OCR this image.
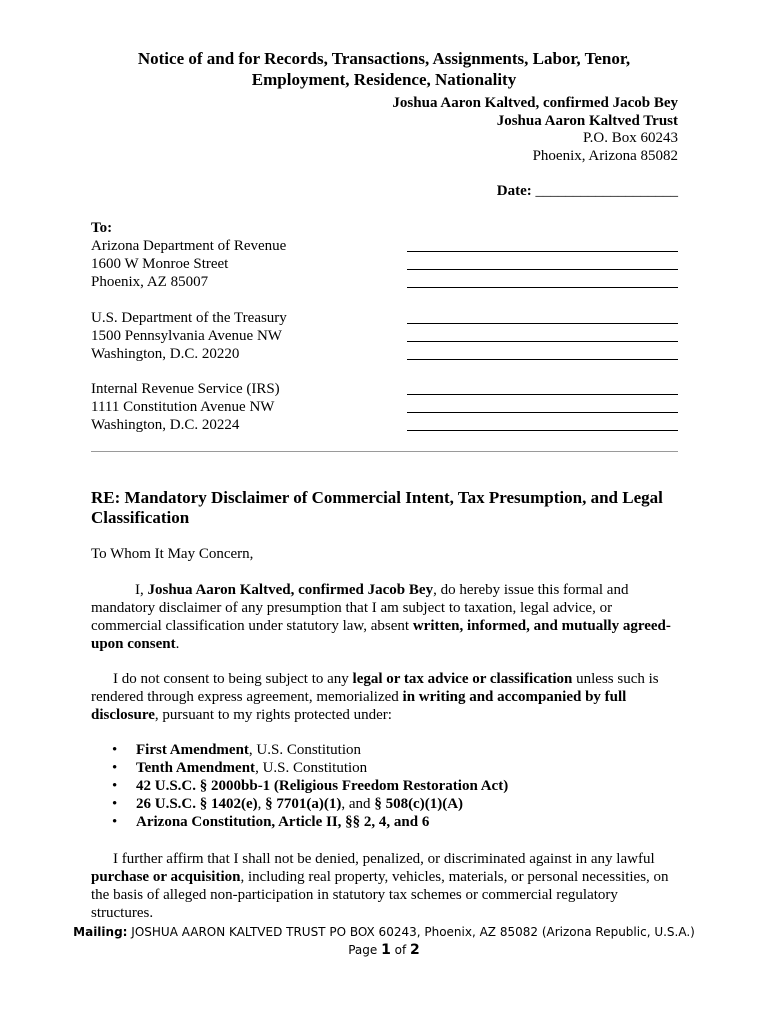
Notice of and for Records, Transactions, Assignments, Labor, Tenor,
Employment, Residence, Nationality
Joshua Aaron Kaltved, confirmed Jacob Bey
Joshua Aaron Kaltved Trust
P.O. Box 60243
Phoenix, Arizona 85082
Date: ___________________
To:
Arizona Department of Revenue
1600 W Monroe Street
Phoenix, AZ 85007
U.S. Department of the Treasury
1500 Pennsylvania Avenue NW
Washington, D.C. 20220
Internal Revenue Service (IRS)
1111 Constitution Avenue NW
Washington, D.C. 20224
RE: Mandatory Disclaimer of Commercial Intent, Tax Presumption, and Legal
Classification
To Whom It May Concern,
I, Joshua Aaron Kaltved, confirmed Jacob Bey, do hereby issue this formal and
mandatory disclaimer of any presumption that I am subject to taxation, legal advice, or
commercial classification under statutory law, absent written, informed, and mutually agreed-
upon consent.
I do not consent to being subject to any legal or tax advice or classification unless such is
rendered through express agreement, memorialized in writing and accompanied by full
disclosure, pursuant to my rights protected under:
• First Amendment, U.S. Constitution
• Tenth Amendment, U.S. Constitution
• 42 U.S.C. § 2000bb-1 (Religious Freedom Restoration Act)
• 26 U.S.C. § 1402(e), § 7701(a)(1), and § 508(c)(1)(A)
• Arizona Constitution, Article II, §§ 2, 4, and 6
I further affirm that I shall not be denied, penalized, or discriminated against in any lawful
purchase or acquisition, including real property, vehicles, materials, or personal necessities, on
the basis of alleged non-participation in statutory tax schemes or commercial regulatory
structures.
Mailing: JOSHUA AARON KALTVED TRUST PO BOX 60243, Phoenix, AZ 85082 (Arizona Republic, U.S.A.)
Page 1 of 2
